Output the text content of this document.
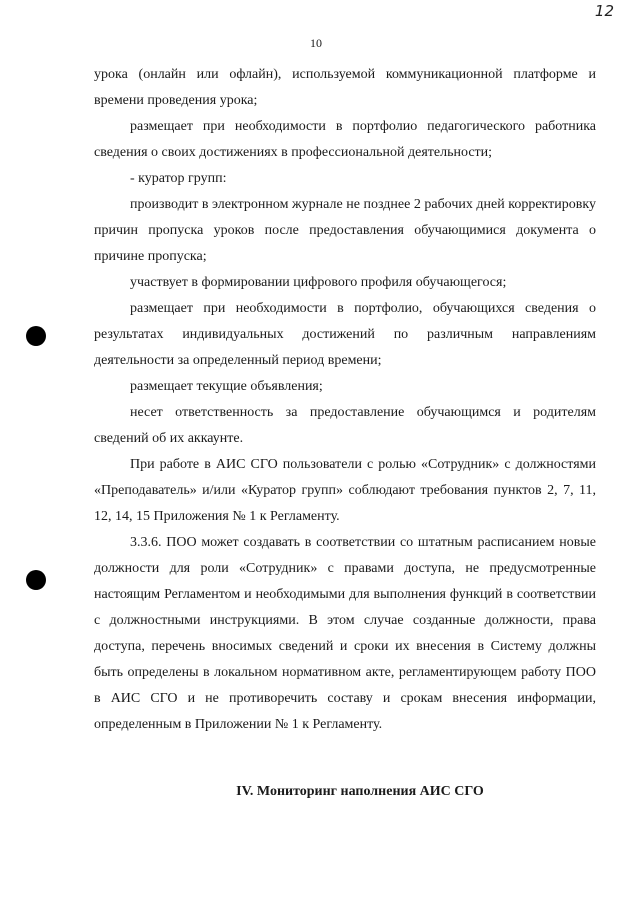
12
10

урока (онлайн или офлайн), используемой коммуникационной платформе и времени проведения урока;

размещает при необходимости в портфолио педагогического работника сведения о своих достижениях в профессиональной деятельности;

- куратор групп:

производит в электронном журнале не позднее 2 рабочих дней корректировку причин пропуска уроков после предоставления обучающимися документа о причине пропуска;

участвует в формировании цифрового профиля обучающегося;

размещает при необходимости в портфолио, обучающихся сведения о результатах индивидуальных достижений по различным направлениям деятельности за определенный период времени;

размещает текущие объявления;

несет ответственность за предоставление обучающимся и родителям сведений об их аккаунте.

При работе в АИС СГО пользователи с ролью «Сотрудник» с должностями «Преподаватель» и/или «Куратор групп» соблюдают требования пунктов 2, 7, 11, 12, 14, 15 Приложения № 1 к Регламенту.

3.3.6. ПОО может создавать в соответствии со штатным расписанием новые должности для роли «Сотрудник» с правами доступа, не предусмотренные настоящим Регламентом и необходимыми для выполнения функций в соответствии с должностными инструкциями. В этом случае созданные должности, права доступа, перечень вносимых сведений и сроки их внесения в Систему должны быть определены в локальном нормативном акте, регламентирующем работу ПОО в АИС СГО и не противоречить составу и срокам внесения информации, определенным в Приложении № 1 к Регламенту.

IV. Мониторинг наполнения АИС СГО
